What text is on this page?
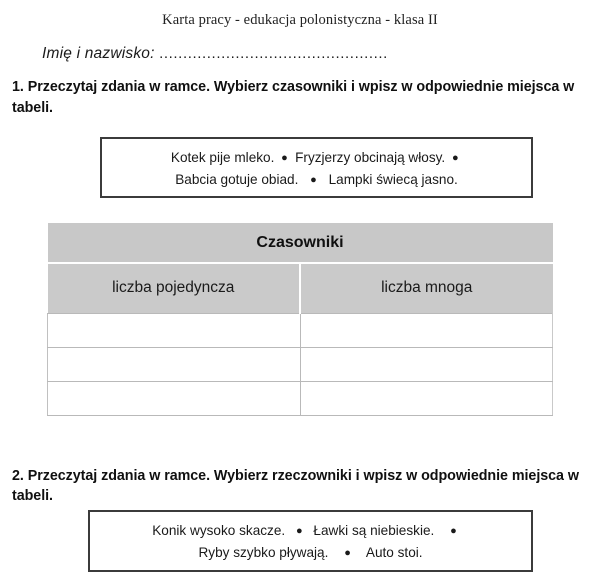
Karta pracy - edukacja polonistyczna - klasa II
Imię i nazwisko: ................................................
1. Przeczytaj zdania w ramce. Wybierz czasowniki i wpisz w odpowiednie miejsca w tabeli.
Kotek pije mleko. ● Fryzjerzy obcinają włosy. ●
Babcia gotuje obiad. ● Lampki świecą jasno.
Czasowniki	
liczba pojedyncza	liczba mnoga

2. Przeczytaj zdania w ramce. Wybierz rzeczowniki i wpisz w odpowiednie miejsca w tabeli.
Konik wysoko skacze. ● Ławki są niebieskie. ●
Ryby szybko pływają. ● Auto stoi.
